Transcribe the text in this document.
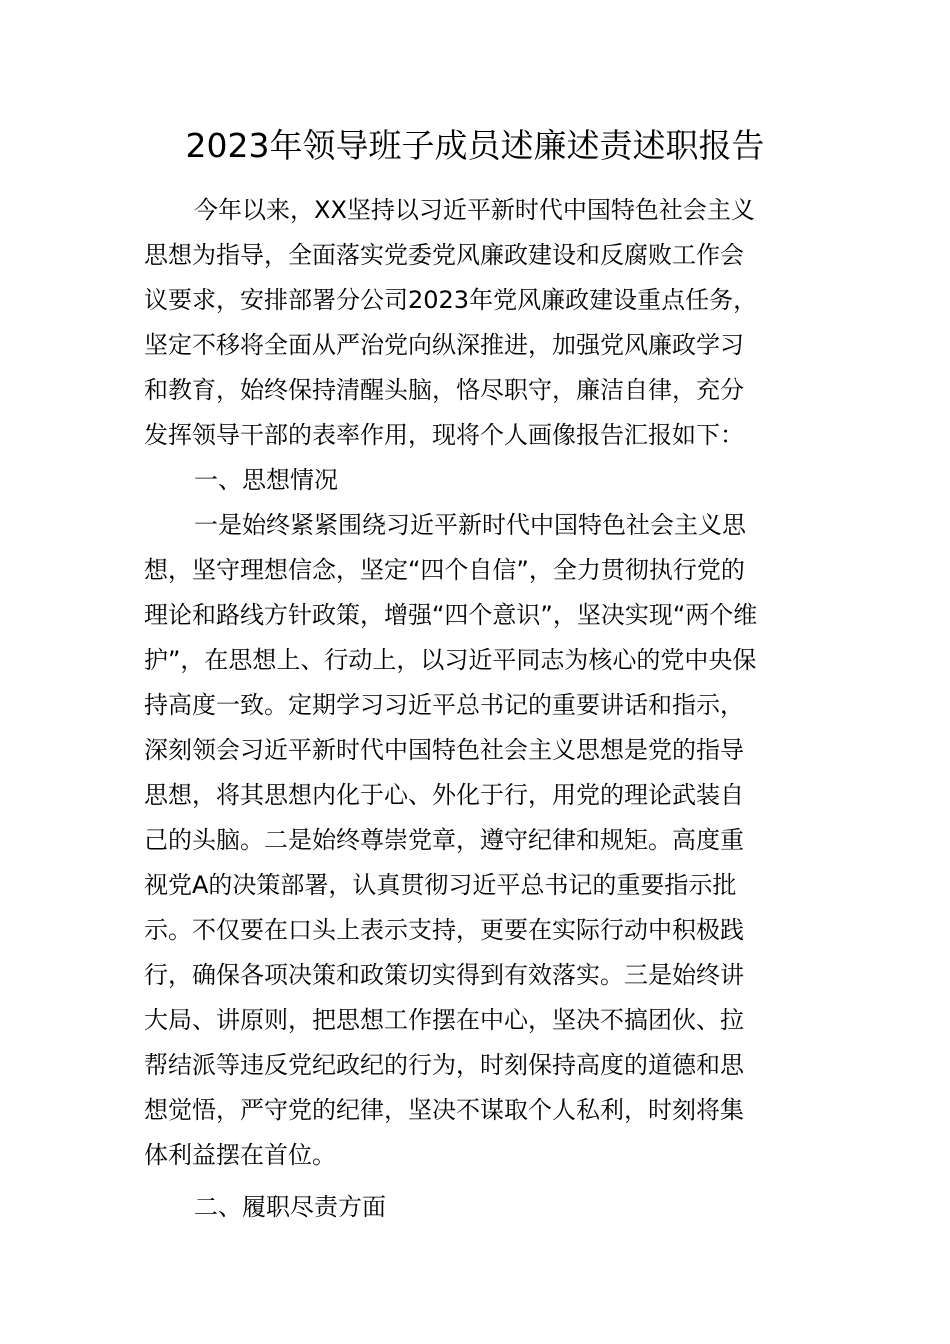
2023年领导班子成员述廉述责述职报告
今年以来，XX坚持以习近平新时代中国特色社会主义
思想为指导，全面落实党委党风廉政建设和反腐败工作会
议要求，安排部署分公司2023年党风廉政建设重点任务，
坚定不移将全面从严治党向纵深推进，加强党风廉政学习
和教育，始终保持清醒头脑，恪尽职守，廉洁自律，充分
发挥领导干部的表率作用，现将个人画像报告汇报如下：
一、思想情况
一是始终紧紧围绕习近平新时代中国特色社会主义思
想，坚守理想信念，坚定“四个自信”，全力贯彻执行党的
理论和路线方针政策，增强“四个意识”，坚决实现“两个维
护”，在思想上、行动上，以习近平同志为核心的党中央保
持高度一致。定期学习习近平总书记的重要讲话和指示，
深刻领会习近平新时代中国特色社会主义思想是党的指导
思想，将其思想内化于心、外化于行，用党的理论武装自
己的头脑。二是始终尊崇党章，遵守纪律和规矩。高度重
视党A的决策部署，认真贯彻习近平总书记的重要指示批
示。不仅要在口头上表示支持，更要在实际行动中积极践
行，确保各项决策和政策切实得到有效落实。三是始终讲
大局、讲原则，把思想工作摆在中心，坚决不搞团伙、拉
帮结派等违反党纪政纪的行为，时刻保持高度的道德和思
想觉悟，严守党的纪律，坚决不谋取个人私利，时刻将集
体利益摆在首位。
二、履职尽责方面
